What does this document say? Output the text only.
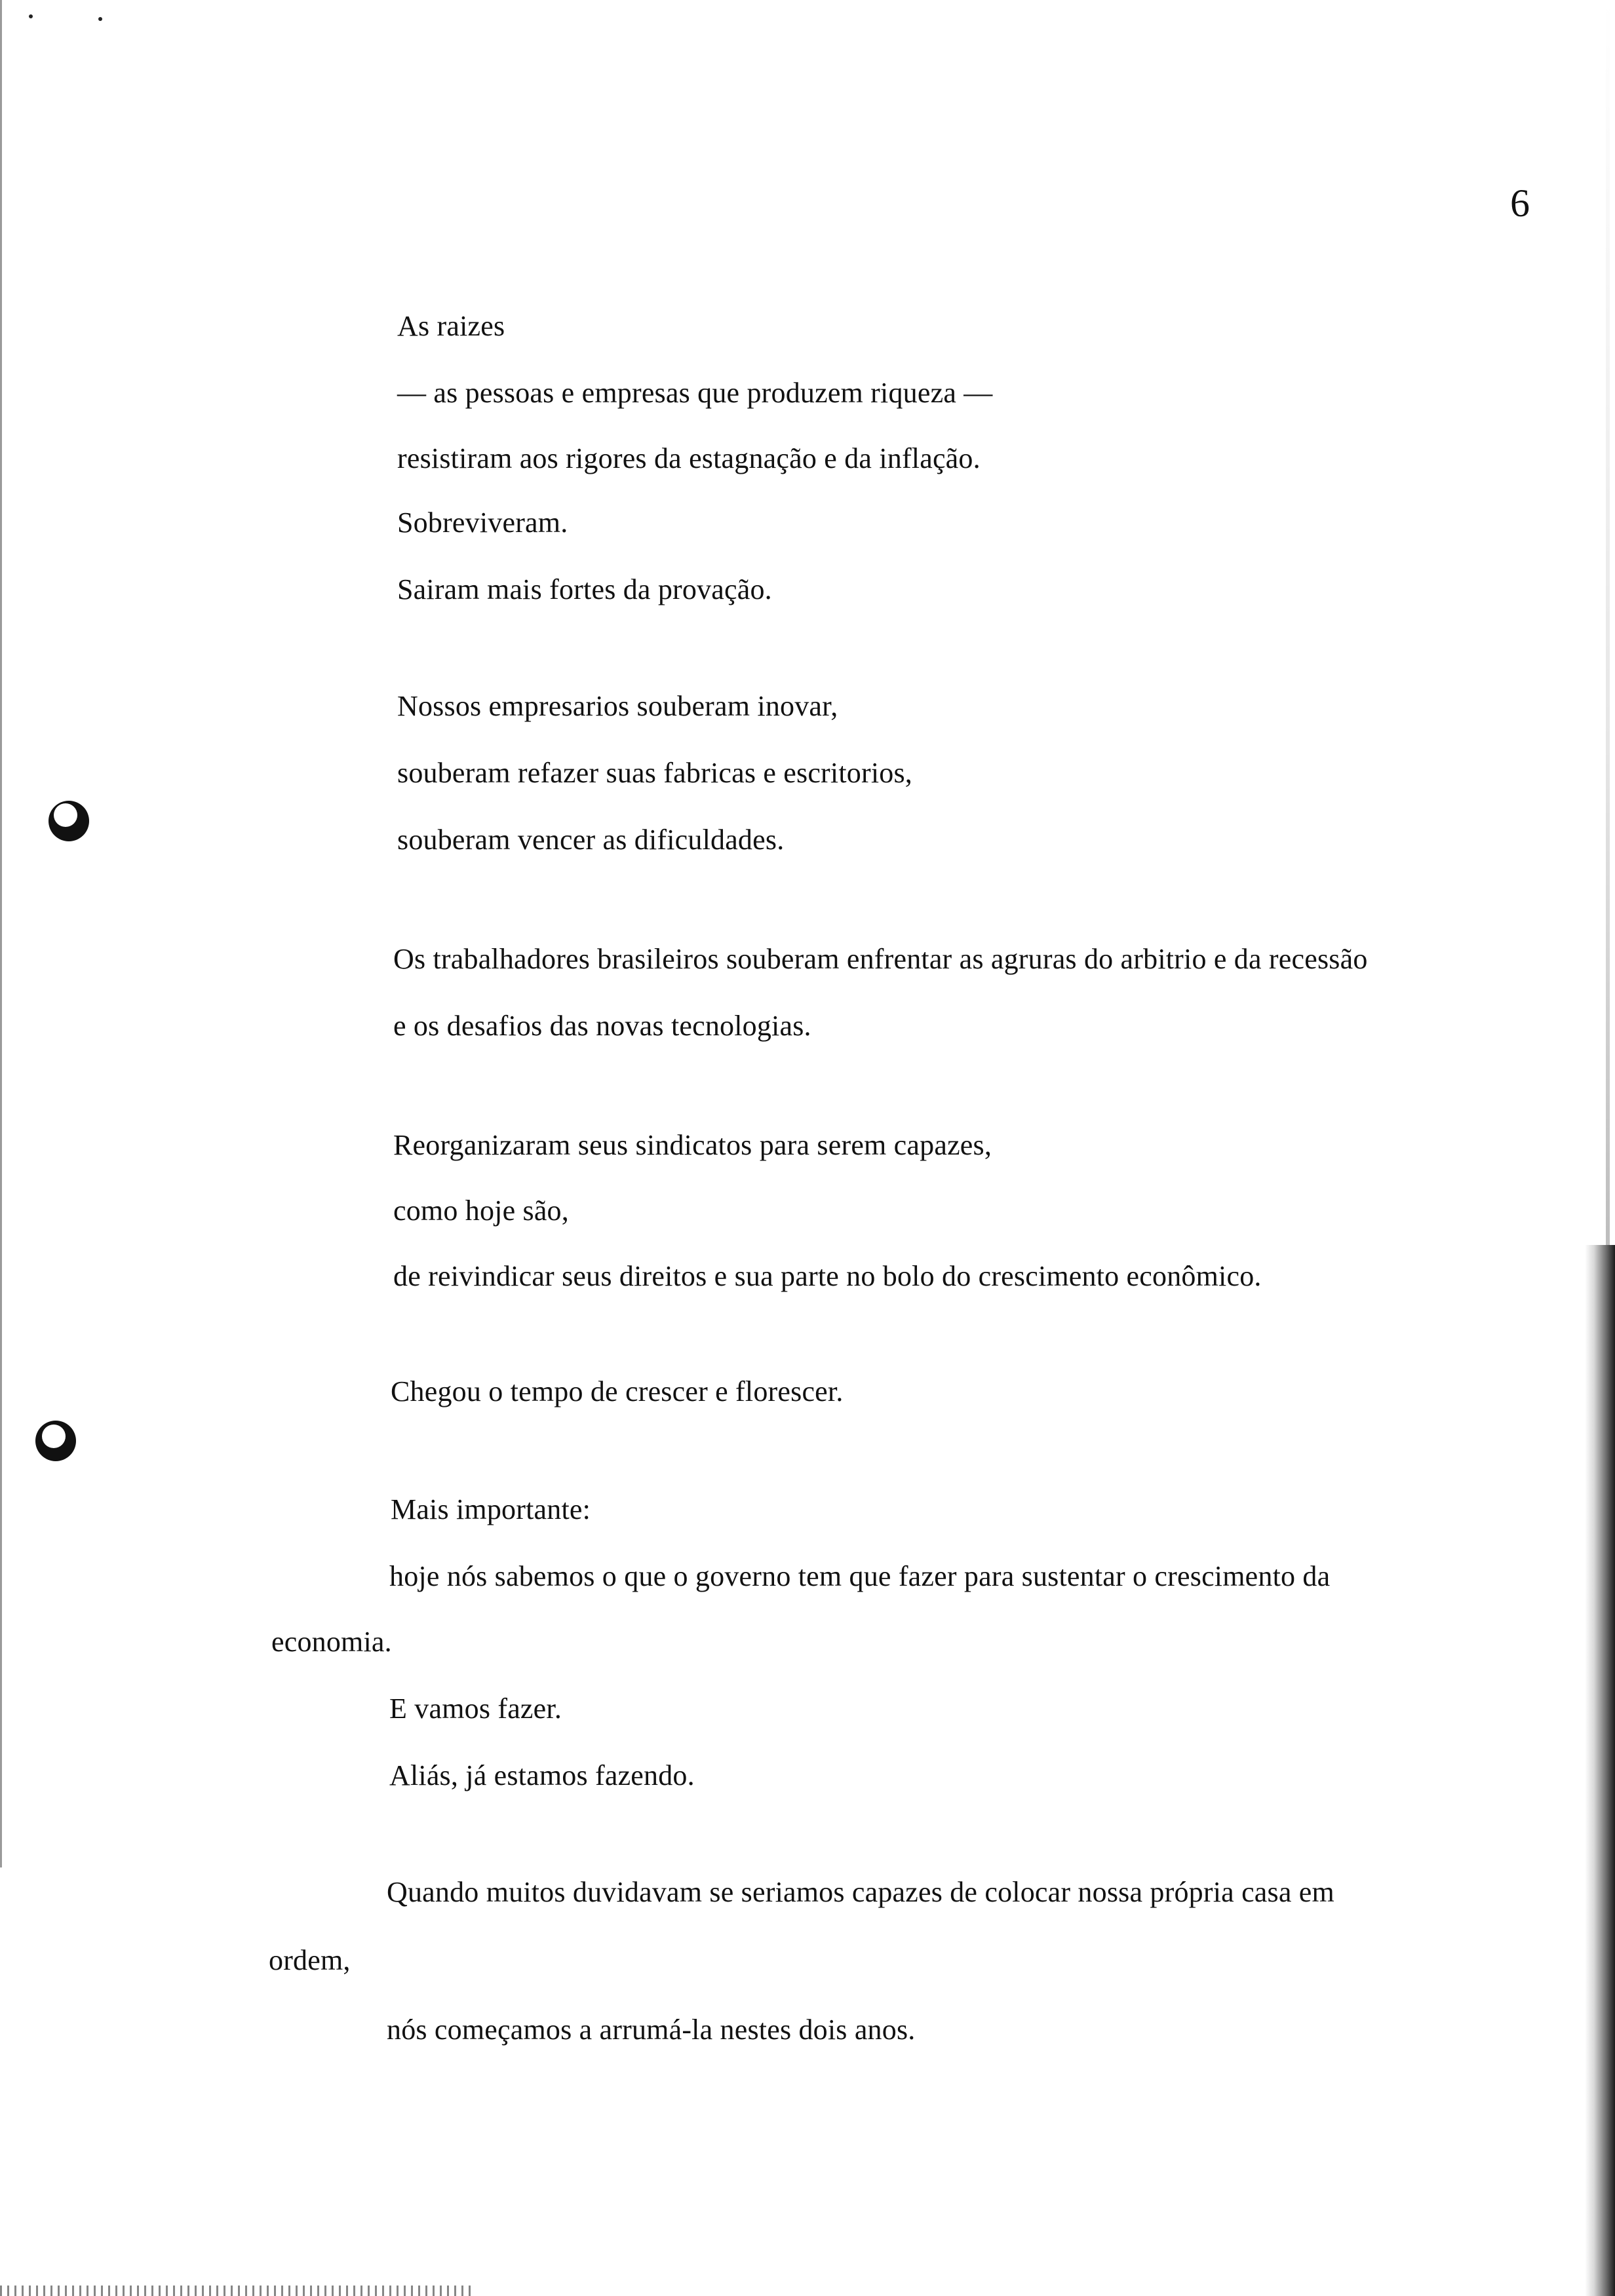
6
As raizes
— as pessoas e empresas que produzem riqueza —
resistiram aos rigores da estagnação e da inflação.
Sobreviveram.
Sairam mais fortes da provação.
Nossos empresarios souberam inovar,
souberam refazer suas fabricas e escritorios,
souberam vencer as dificuldades.
Os trabalhadores brasileiros souberam enfrentar as agruras do arbitrio e da recessão
e os desafios das novas tecnologias.
Reorganizaram seus sindicatos para serem capazes,
como hoje são,
de reivindicar seus direitos e sua parte no bolo do crescimento econômico.
Chegou o tempo de crescer e florescer.
Mais importante:
hoje nós sabemos o que o governo tem que fazer para sustentar o crescimento da
economia.
E vamos fazer.
Aliás, já estamos fazendo.
Quando muitos duvidavam se seriamos capazes de colocar nossa própria casa em
ordem,
nós começamos a arrumá-la nestes dois anos.
